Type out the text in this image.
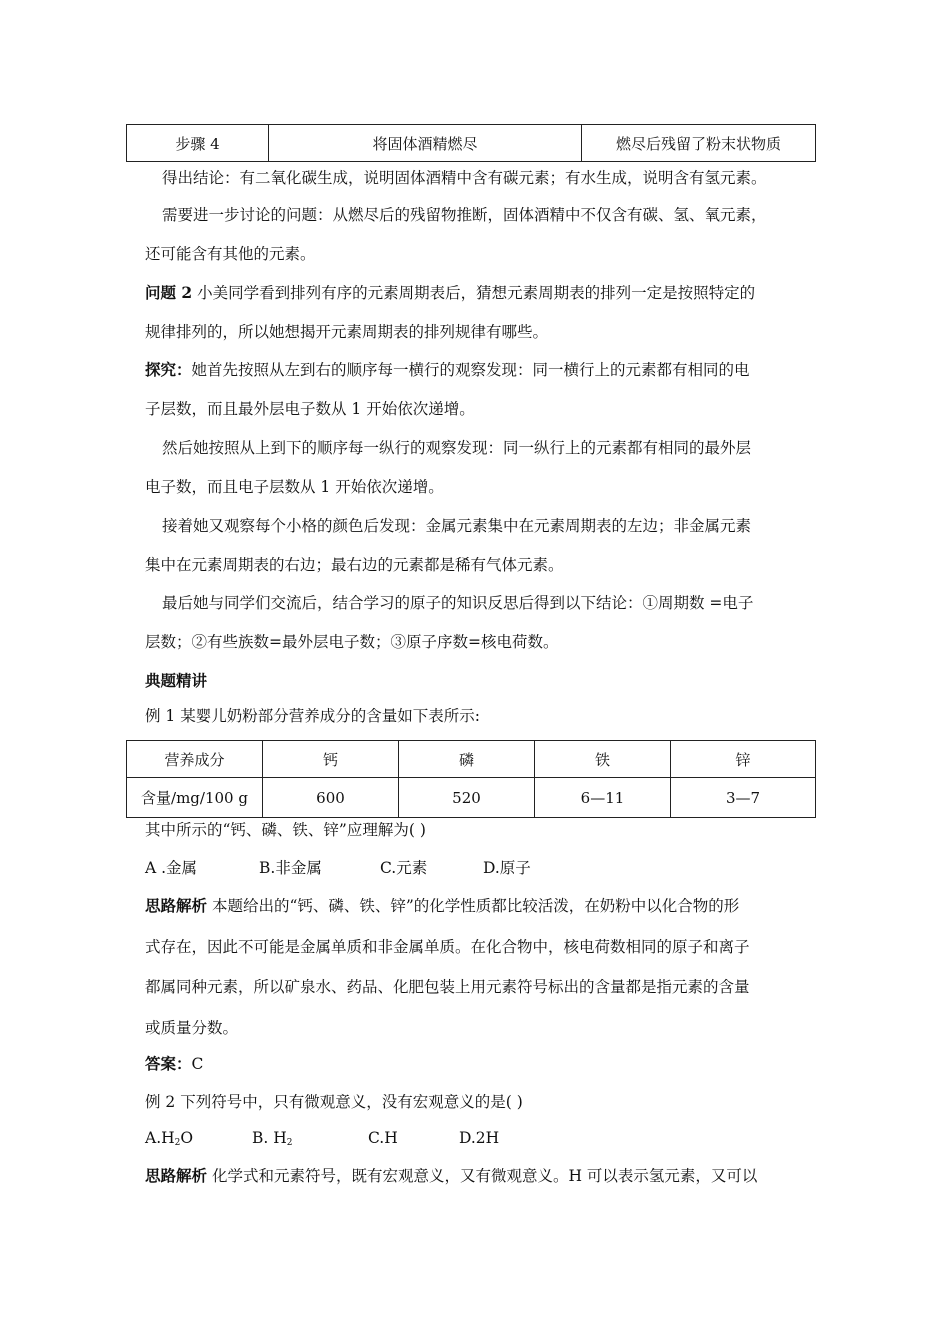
步骤 4	将固体酒精燃尽	燃尽后残留了粉末状物质
得出结论：有二氧化碳生成，说明固体酒精中含有碳元素；有水生成，说明含有氢元素。
需要进一步讨论的问题：从燃尽后的残留物推断，固体酒精中不仅含有碳、氢、氧元素，
还可能含有其他的元素。
问题 2 小美同学看到排列有序的元素周期表后，猜想元素周期表的排列一定是按照特定的
规律排列的，所以她想揭开元素周期表的排列规律有哪些。
探究：她首先按照从左到右的顺序每一横行的观察发现：同一横行上的元素都有相同的电
子层数，而且最外层电子数从 1 开始依次递增。
然后她按照从上到下的顺序每一纵行的观察发现：同一纵行上的元素都有相同的最外层
电子数，而且电子层数从 1 开始依次递增。
接着她又观察每个小格的颜色后发现：金属元素集中在元素周期表的左边；非金属元素
集中在元素周期表的右边；最右边的元素都是稀有气体元素。
最后她与同学们交流后，结合学习的原子的知识反思后得到以下结论：①周期数 =电子
层数；②有些族数=最外层电子数；③原子序数=核电荷数。
典题精讲
例 1 某婴儿奶粉部分营养成分的含量如下表所示:
营养成分	钙	磷	铁	锌
含量/mg/100 g	600	520	6—11	3—7
其中所示的“钙、磷、铁、锌”应理解为( )
A .金属	B.非金属	C.元素	D.原子
思路解析 本题给出的“钙、磷、铁、锌”的化学性质都比较活泼，在奶粉中以化合物的形
式存在，因此不可能是金属单质和非金属单质。在化合物中，核电荷数相同的原子和离子
都属同种元素，所以矿泉水、药品、化肥包装上用元素符号标出的含量都是指元素的含量
或质量分数。
答案：C
例 2 下列符号中，只有微观意义，没有宏观意义的是( )
$A.H_2O$	B. $H_2$	C.H	D.2H
思路解析 化学式和元素符号，既有宏观意义，又有微观意义。H 可以表示氢元素，又可以
